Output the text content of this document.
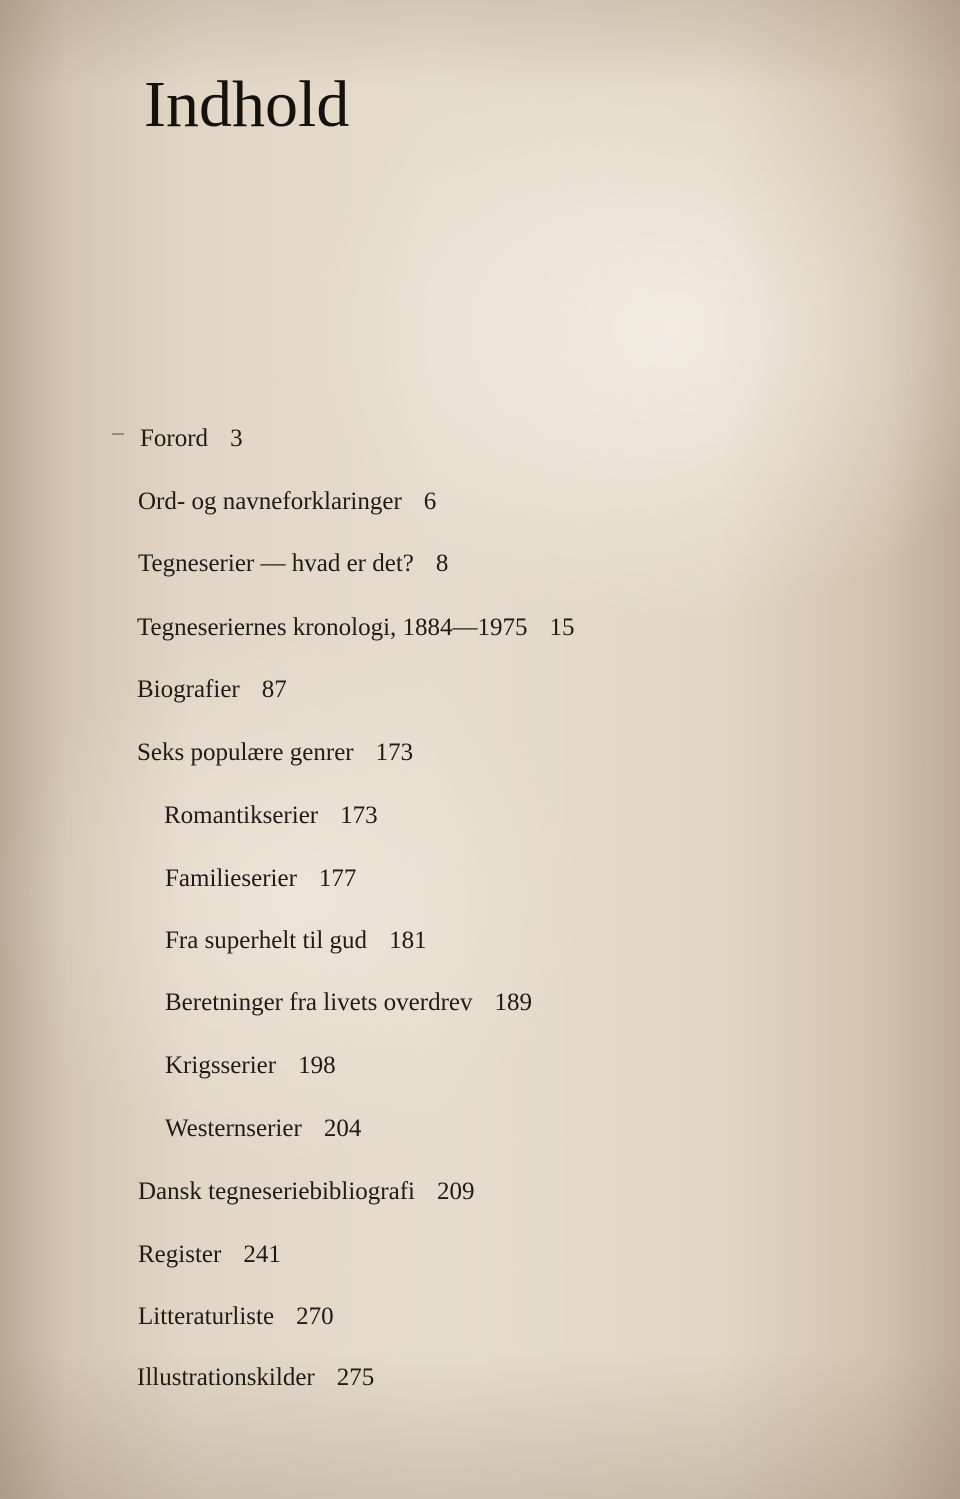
Indhold
Forord 3
Ord- og navneforklaringer 6
Tegneserier — hvad er det? 8
Tegneseriernes kronologi, 1884—1975 15
Biografier 87
Seks populære genrer 173
Romantikserier 173
Familieserier 177
Fra superhelt til gud 181
Beretninger fra livets overdrev 189
Krigsserier 198
Westernserier 204
Dansk tegneseriebibliografi 209
Register 241
Litteraturliste 270
Illustrationskilder 275
